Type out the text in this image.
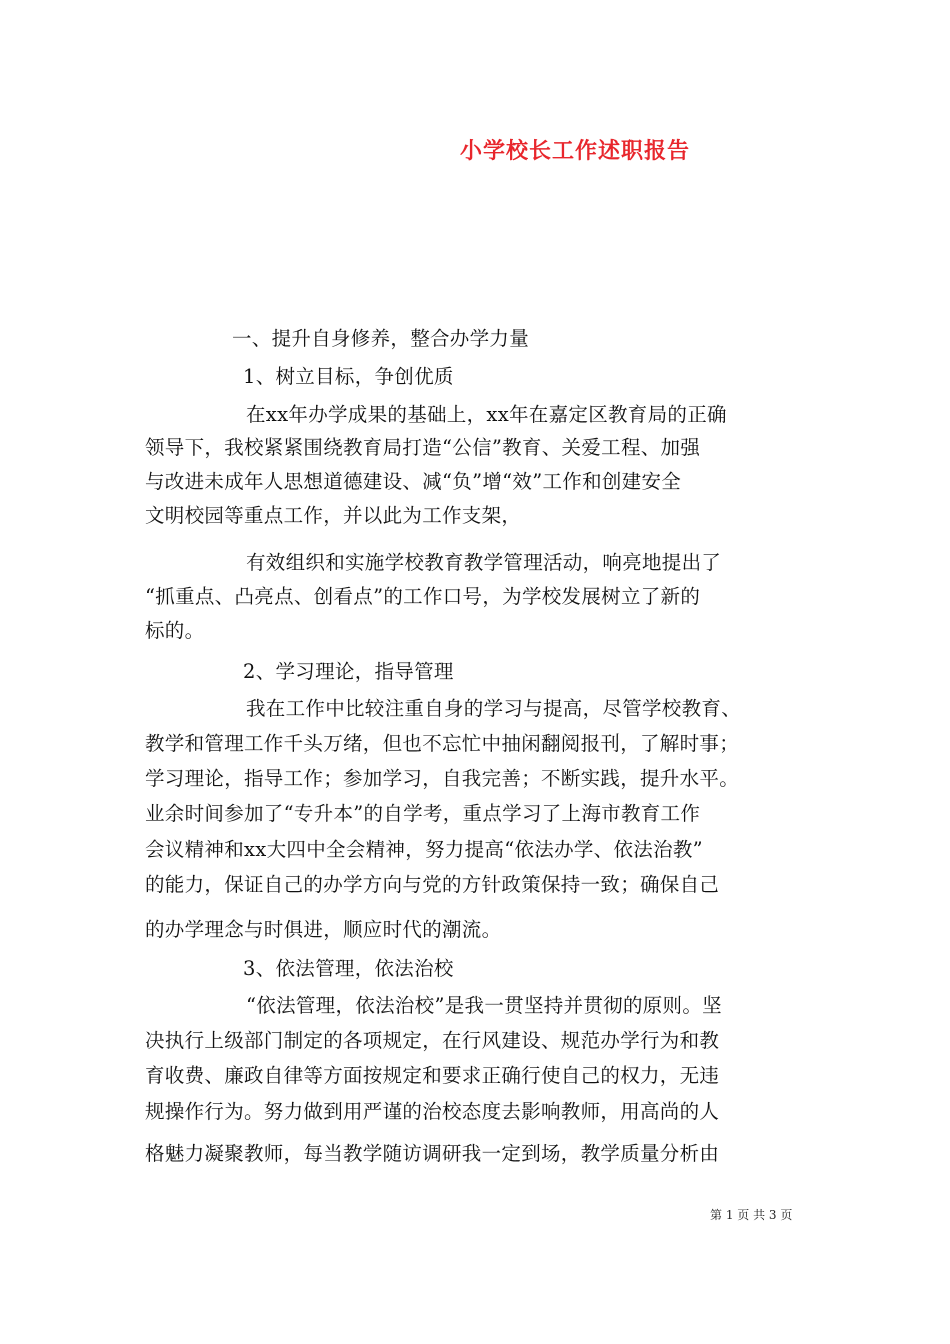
小学校长工作述职报告
一、提升自身修养，整合办学力量
1、树立目标，争创优质
在xx年办学成果的基础上，xx年在嘉定区教育局的正确
领导下，我校紧紧围绕教育局打造“公信”教育、关爱工程、加强
与改进未成年人思想道德建设、减“负”增“效”工作和创建安全
文明校园等重点工作，并以此为工作支架，
有效组织和实施学校教育教学管理活动，响亮地提出了
“抓重点、凸亮点、创看点”的工作口号，为学校发展树立了新的
标的。
2、学习理论，指导管理
我在工作中比较注重自身的学习与提高，尽管学校教育、
教学和管理工作千头万绪，但也不忘忙中抽闲翻阅报刊，了解时事；
学习理论，指导工作；参加学习，自我完善；不断实践，提升水平。
业余时间参加了“专升本”的自学考，重点学习了上海市教育工作
会议精神和xx大四中全会精神，努力提高“依法办学、依法治教”
的能力，保证自己的办学方向与党的方针政策保持一致；确保自己
的办学理念与时俱进，顺应时代的潮流。
3、依法管理，依法治校
“依法管理，依法治校”是我一贯坚持并贯彻的原则。坚
决执行上级部门制定的各项规定，在行风建设、规范办学行为和教
育收费、廉政自律等方面按规定和要求正确行使自己的权力，无违
规操作行为。努力做到用严谨的治校态度去影响教师，用高尚的人
格魅力凝聚教师，每当教学随访调研我一定到场，教学质量分析由
第 1 页 共 3 页
